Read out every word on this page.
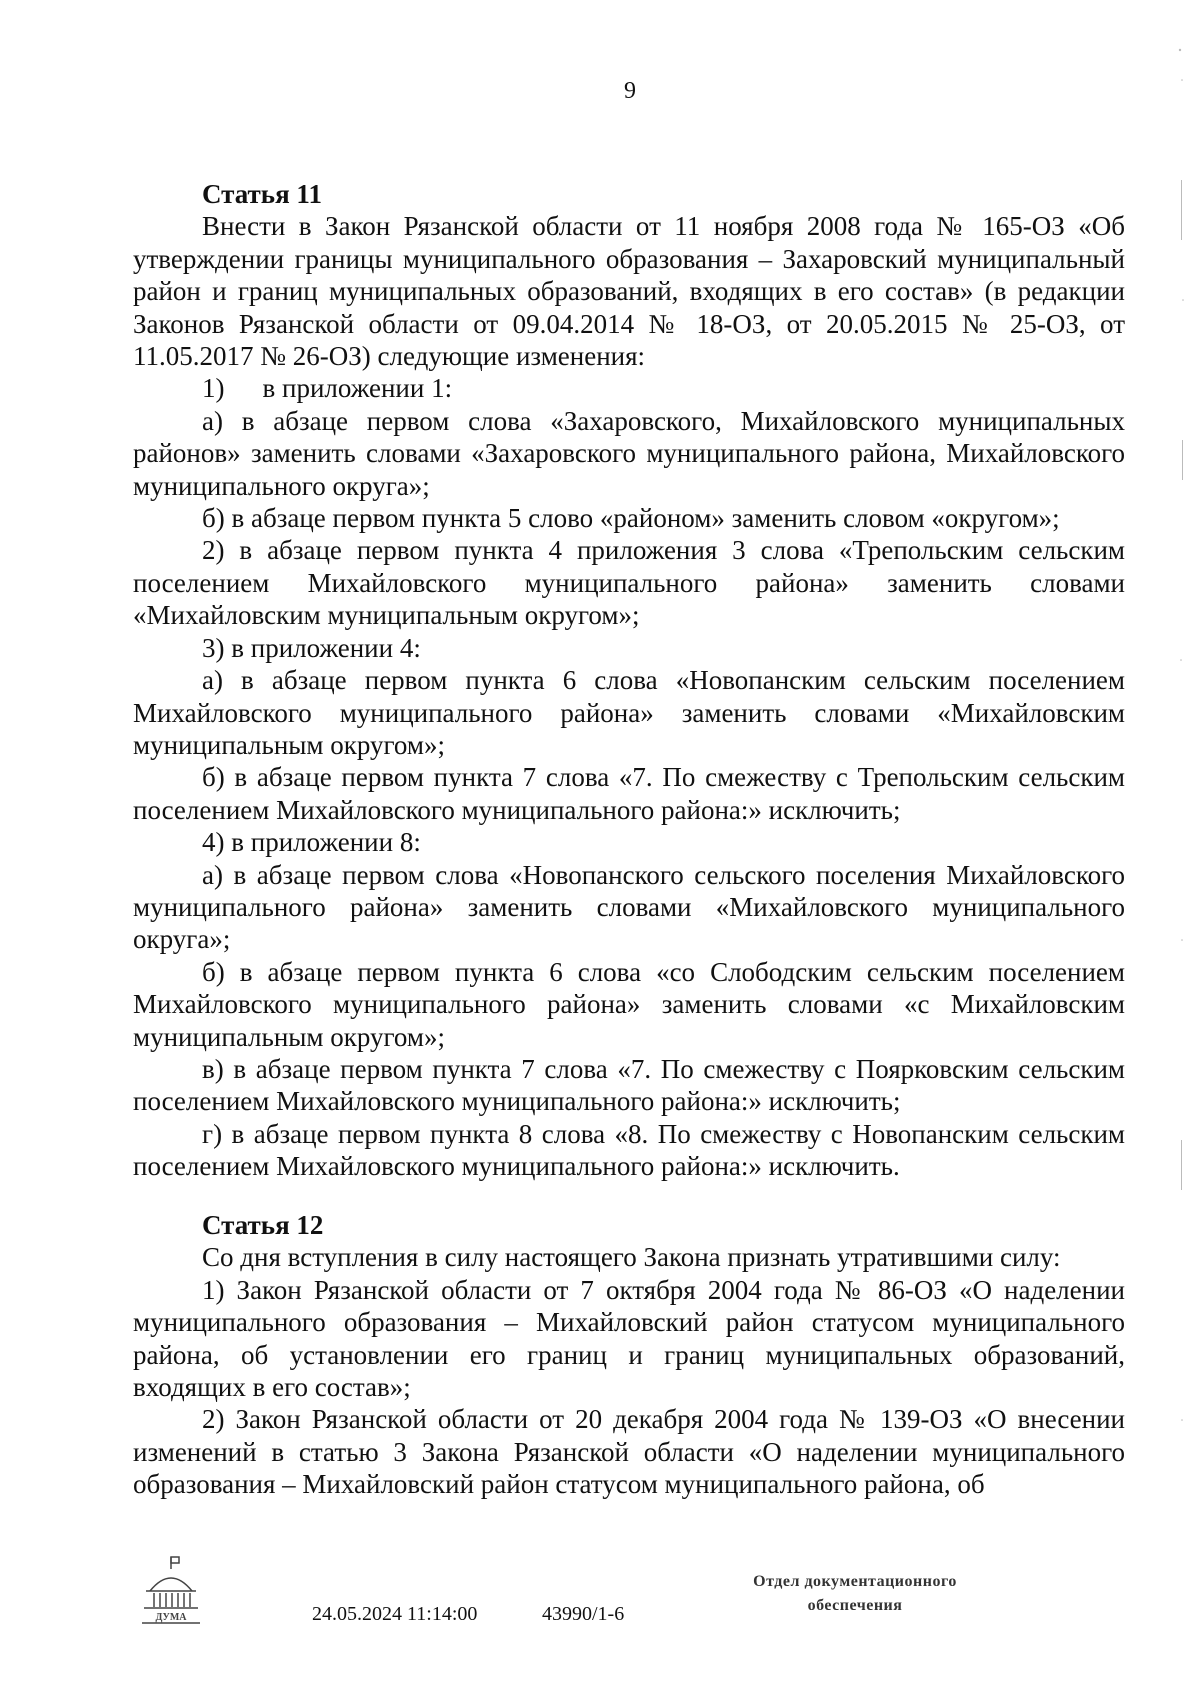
9
Статья 11

Внести в Закон Рязанской области от 11 ноября 2008 года № 165-ОЗ «Об утверждении границы муниципального образования – Захаровский муниципальный район и границ муниципальных образований, входящих в его состав» (в редакции Законов Рязанской области от 09.04.2014 № 18-ОЗ, от 20.05.2015 № 25-ОЗ, от 11.05.2017 № 26-ОЗ) следующие изменения:

1) в приложении 1:

а) в абзаце первом слова «Захаровского, Михайловского муниципальных районов» заменить словами «Захаровского муниципального района, Михайловского муниципального округа»;

б) в абзаце первом пункта 5 слово «районом» заменить словом «округом»;

2) в абзаце первом пункта 4 приложения 3 слова «Трепольским сельским поселением Михайловского муниципального района» заменить словами «Михайловским муниципальным округом»;

3) в приложении 4:

а) в абзаце первом пункта 6 слова «Новопанским сельским поселением Михайловского муниципального района» заменить словами «Михайловским муниципальным округом»;

б) в абзаце первом пункта 7 слова «7. По смежеству с Трепольским сельским поселением Михайловского муниципального района:» исключить;

4) в приложении 8:

а) в абзаце первом слова «Новопанского сельского поселения Михайловского муниципального района» заменить словами «Михайловского муниципального округа»;

б) в абзаце первом пункта 6 слова «со Слободским сельским поселением Михайловского муниципального района» заменить словами «с Михайловским муниципальным округом»;

в) в абзаце первом пункта 7 слова «7. По смежеству с Поярковским сельским поселением Михайловского муниципального района:» исключить;

г) в абзаце первом пункта 8 слова «8. По смежеству с Новопанским сельским поселением Михайловского муниципального района:» исключить.

Статья 12

Со дня вступления в силу настоящего Закона признать утратившими силу:

1) Закон Рязанской области от 7 октября 2004 года № 86-ОЗ «О наделении муниципального образования – Михайловский район статусом муниципального района, об установлении его границ и границ муниципальных образований, входящих в его состав»;

2) Закон Рязанской области от 20 декабря 2004 года № 139-ОЗ «О внесении изменений в статью 3 Закона Рязанской области «О наделении муниципального образования – Михайловский район статусом муниципального района, об

ДУМА	24.05.2024 11:14:00	43990/1-6
Отдел документационного
обеспечения
